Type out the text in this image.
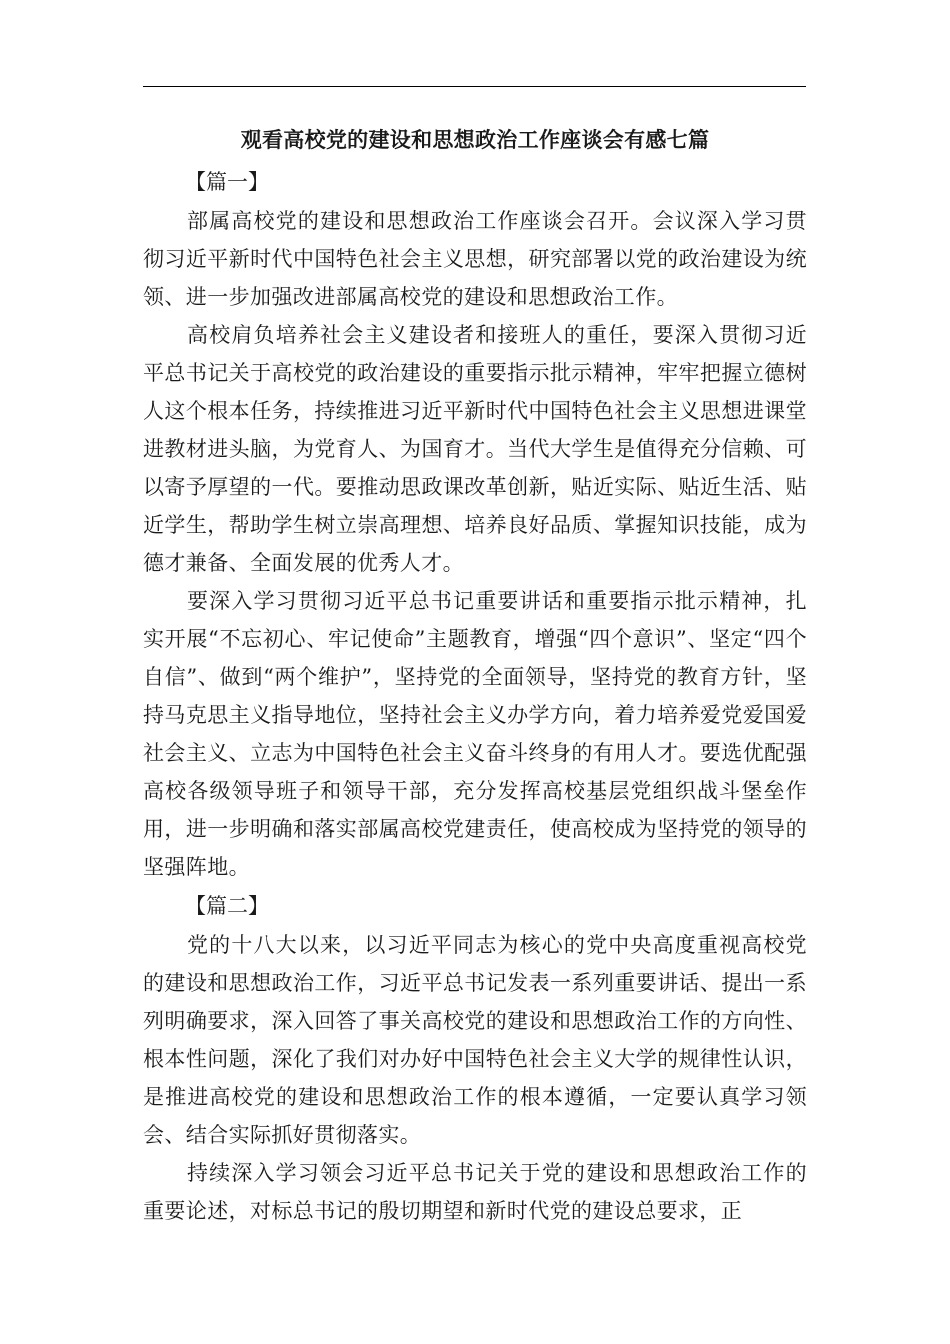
观看高校党的建设和思想政治工作座谈会有感七篇

【篇一】

部属高校党的建设和思想政治工作座谈会召开。会议深入学习贯彻习近平新时代中国特色社会主义思想，研究部署以党的政治建设为统领、进一步加强改进部属高校党的建设和思想政治工作。

高校肩负培养社会主义建设者和接班人的重任，要深入贯彻习近平总书记关于高校党的政治建设的重要指示批示精神，牢牢把握立德树人这个根本任务，持续推进习近平新时代中国特色社会主义思想进课堂进教材进头脑，为党育人、为国育才。当代大学生是值得充分信赖、可以寄予厚望的一代。要推动思政课改革创新，贴近实际、贴近生活、贴近学生，帮助学生树立崇高理想、培养良好品质、掌握知识技能，成为德才兼备、全面发展的优秀人才。

要深入学习贯彻习近平总书记重要讲话和重要指示批示精神，扎实开展“不忘初心、牢记使命”主题教育，增强“四个意识”、坚定“四个自信”、做到“两个维护”，坚持党的全面领导，坚持党的教育方针，坚持马克思主义指导地位，坚持社会主义办学方向，着力培养爱党爱国爱社会主义、立志为中国特色社会主义奋斗终身的有用人才。要选优配强高校各级领导班子和领导干部，充分发挥高校基层党组织战斗堡垒作用，进一步明确和落实部属高校党建责任，使高校成为坚持党的领导的坚强阵地。

【篇二】

党的十八大以来，以习近平同志为核心的党中央高度重视高校党的建设和思想政治工作，习近平总书记发表一系列重要讲话、提出一系列明确要求，深入回答了事关高校党的建设和思想政治工作的方向性、根本性问题，深化了我们对办好中国特色社会主义大学的规律性认识，是推进高校党的建设和思想政治工作的根本遵循，一定要认真学习领会、结合实际抓好贯彻落实。

持续深入学习领会习近平总书记关于党的建设和思想政治工作的重要论述，对标总书记的殷切期望和新时代党的建设总要求，正
